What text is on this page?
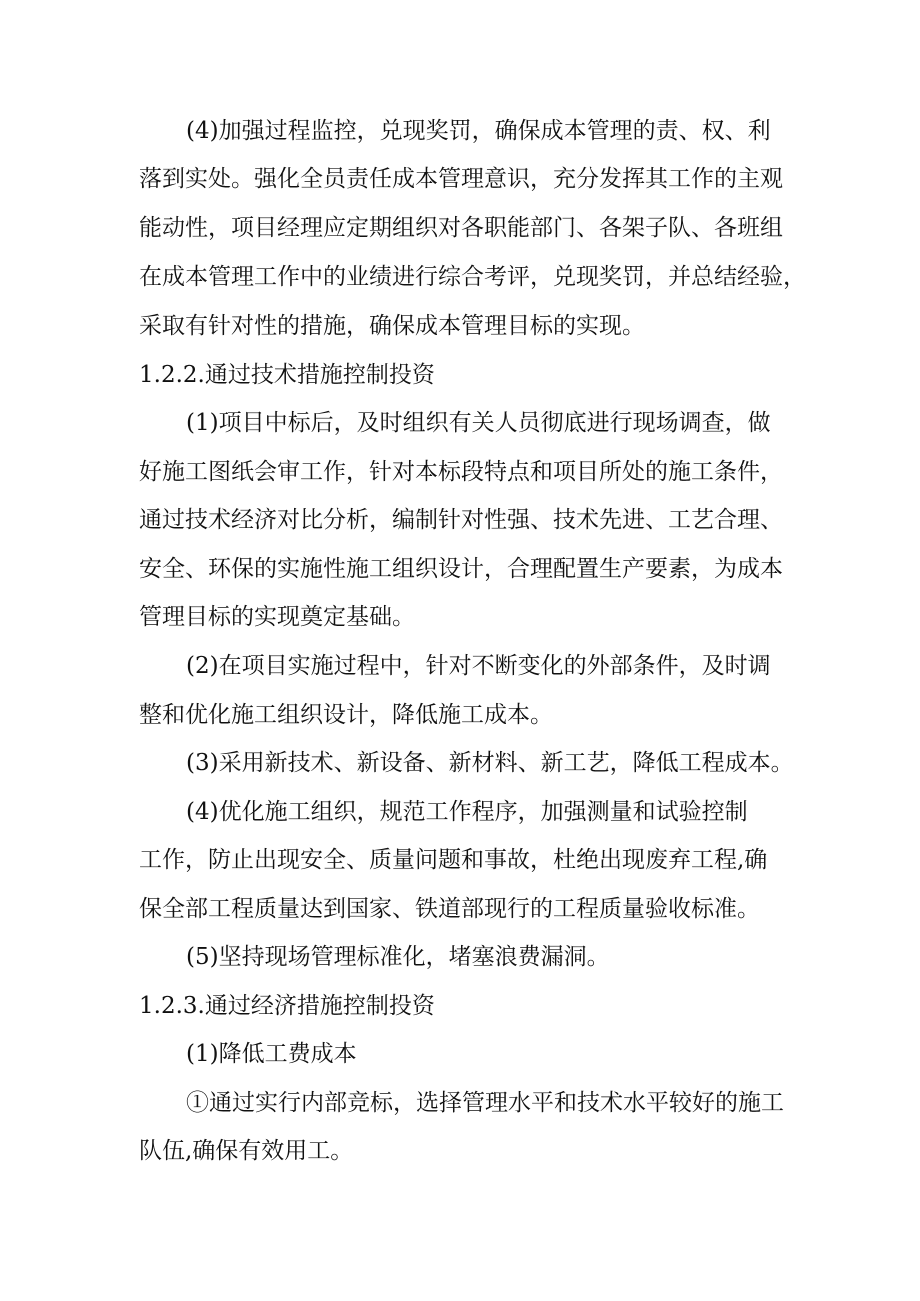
(4)加强过程监控，兑现奖罚，确保成本管理的责、权、利
落到实处。强化全员责任成本管理意识，充分发挥其工作的主观
能动性，项目经理应定期组织对各职能部门、各架子队、各班组
在成本管理工作中的业绩进行综合考评，兑现奖罚，并总结经验，
采取有针对性的措施，确保成本管理目标的实现。
1.2.2.通过技术措施控制投资
(1)项目中标后，及时组织有关人员彻底进行现场调查，做
好施工图纸会审工作，针对本标段特点和项目所处的施工条件，
通过技术经济对比分析，编制针对性强、技术先进、工艺合理、
安全、环保的实施性施工组织设计，合理配置生产要素，为成本
管理目标的实现奠定基础。
(2)在项目实施过程中，针对不断变化的外部条件，及时调
整和优化施工组织设计，降低施工成本。
(3)采用新技术、新设备、新材料、新工艺，降低工程成本。
(4)优化施工组织，规范工作程序，加强测量和试验控制
工作，防止出现安全、质量问题和事故，杜绝出现废弃工程,确
保全部工程质量达到国家、铁道部现行的工程质量验收标准。
(5)坚持现场管理标准化，堵塞浪费漏洞。
1.2.3.通过经济措施控制投资
(1)降低工费成本
①通过实行内部竞标，选择管理水平和技术水平较好的施工
队伍,确保有效用工。
